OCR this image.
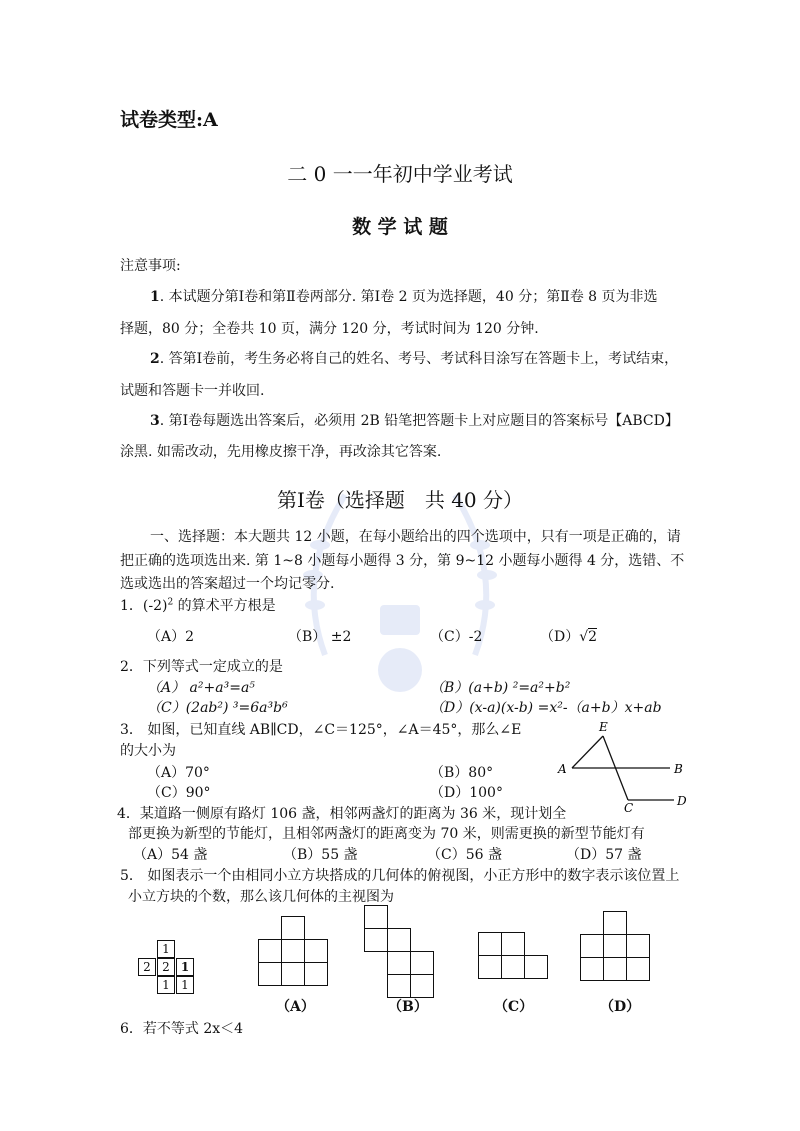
试卷类型:A
二 0 一一年初中学业考试
数 学 试 题
注意事项:
1. 本试题分第Ⅰ卷和第Ⅱ卷两部分. 第Ⅰ卷 2 页为选择题，40 分；第Ⅱ卷 8 页为非选
择题，80 分；全卷共 10 页，满分 120 分，考试时间为 120 分钟.
2. 答第Ⅰ卷前，考生务必将自己的姓名、考号、考试科目涂写在答题卡上，考试结束，
试题和答题卡一并收回.
3. 第Ⅰ卷每题选出答案后，必须用 2B 铅笔把答题卡上对应题目的答案标号【ABCD】
涂黑. 如需改动，先用橡皮擦干净，再改涂其它答案.
第Ⅰ卷（选择题　共 40 分）
一、选择题：本大题共 12 小题，在每小题给出的四个选项中，只有一项是正确的，请
把正确的选项选出来. 第 1~8 小题每小题得 3 分，第 9~12 小题每小题得 4 分，选错、不
选或选出的答案超过一个均记零分.
1．$(-2)^2$ 的算术平方根是
（A）2	（B） ±2	（C）-2	（D）√2
2．下列等式一定成立的是
（A） a²+a³=a⁵	（B）(a+b) ²=a²+b²
（C）(2ab²) ³=6a³b⁶	（D）(x-a)(x-b) =x²-（a+b）x+ab
3． 如图，已知直线 AB∥CD，∠C＝125°，∠A＝45°，那么∠E
的大小为
（A）70°	（B）80°
（C）90°	（D）100°
E
A	B
C	D
4．某道路一侧原有路灯 106 盏，相邻两盏灯的距离为 36 米，现计划全
部更换为新型的节能灯，且相邻两盏灯的距离变为 70 米，则需更换的新型节能灯有
（A）54 盏	（B）55 盏	（C）56 盏	（D）57 盏
5． 如图表示一个由相同小立方块搭成的几何体的俯视图，小正方形中的数字表示该位置上
小立方块的个数，那么该几何体的主视图为
1
2 2 1
1 1
（A）	（B）	（C）	（D）
6．若不等式 2x＜4
